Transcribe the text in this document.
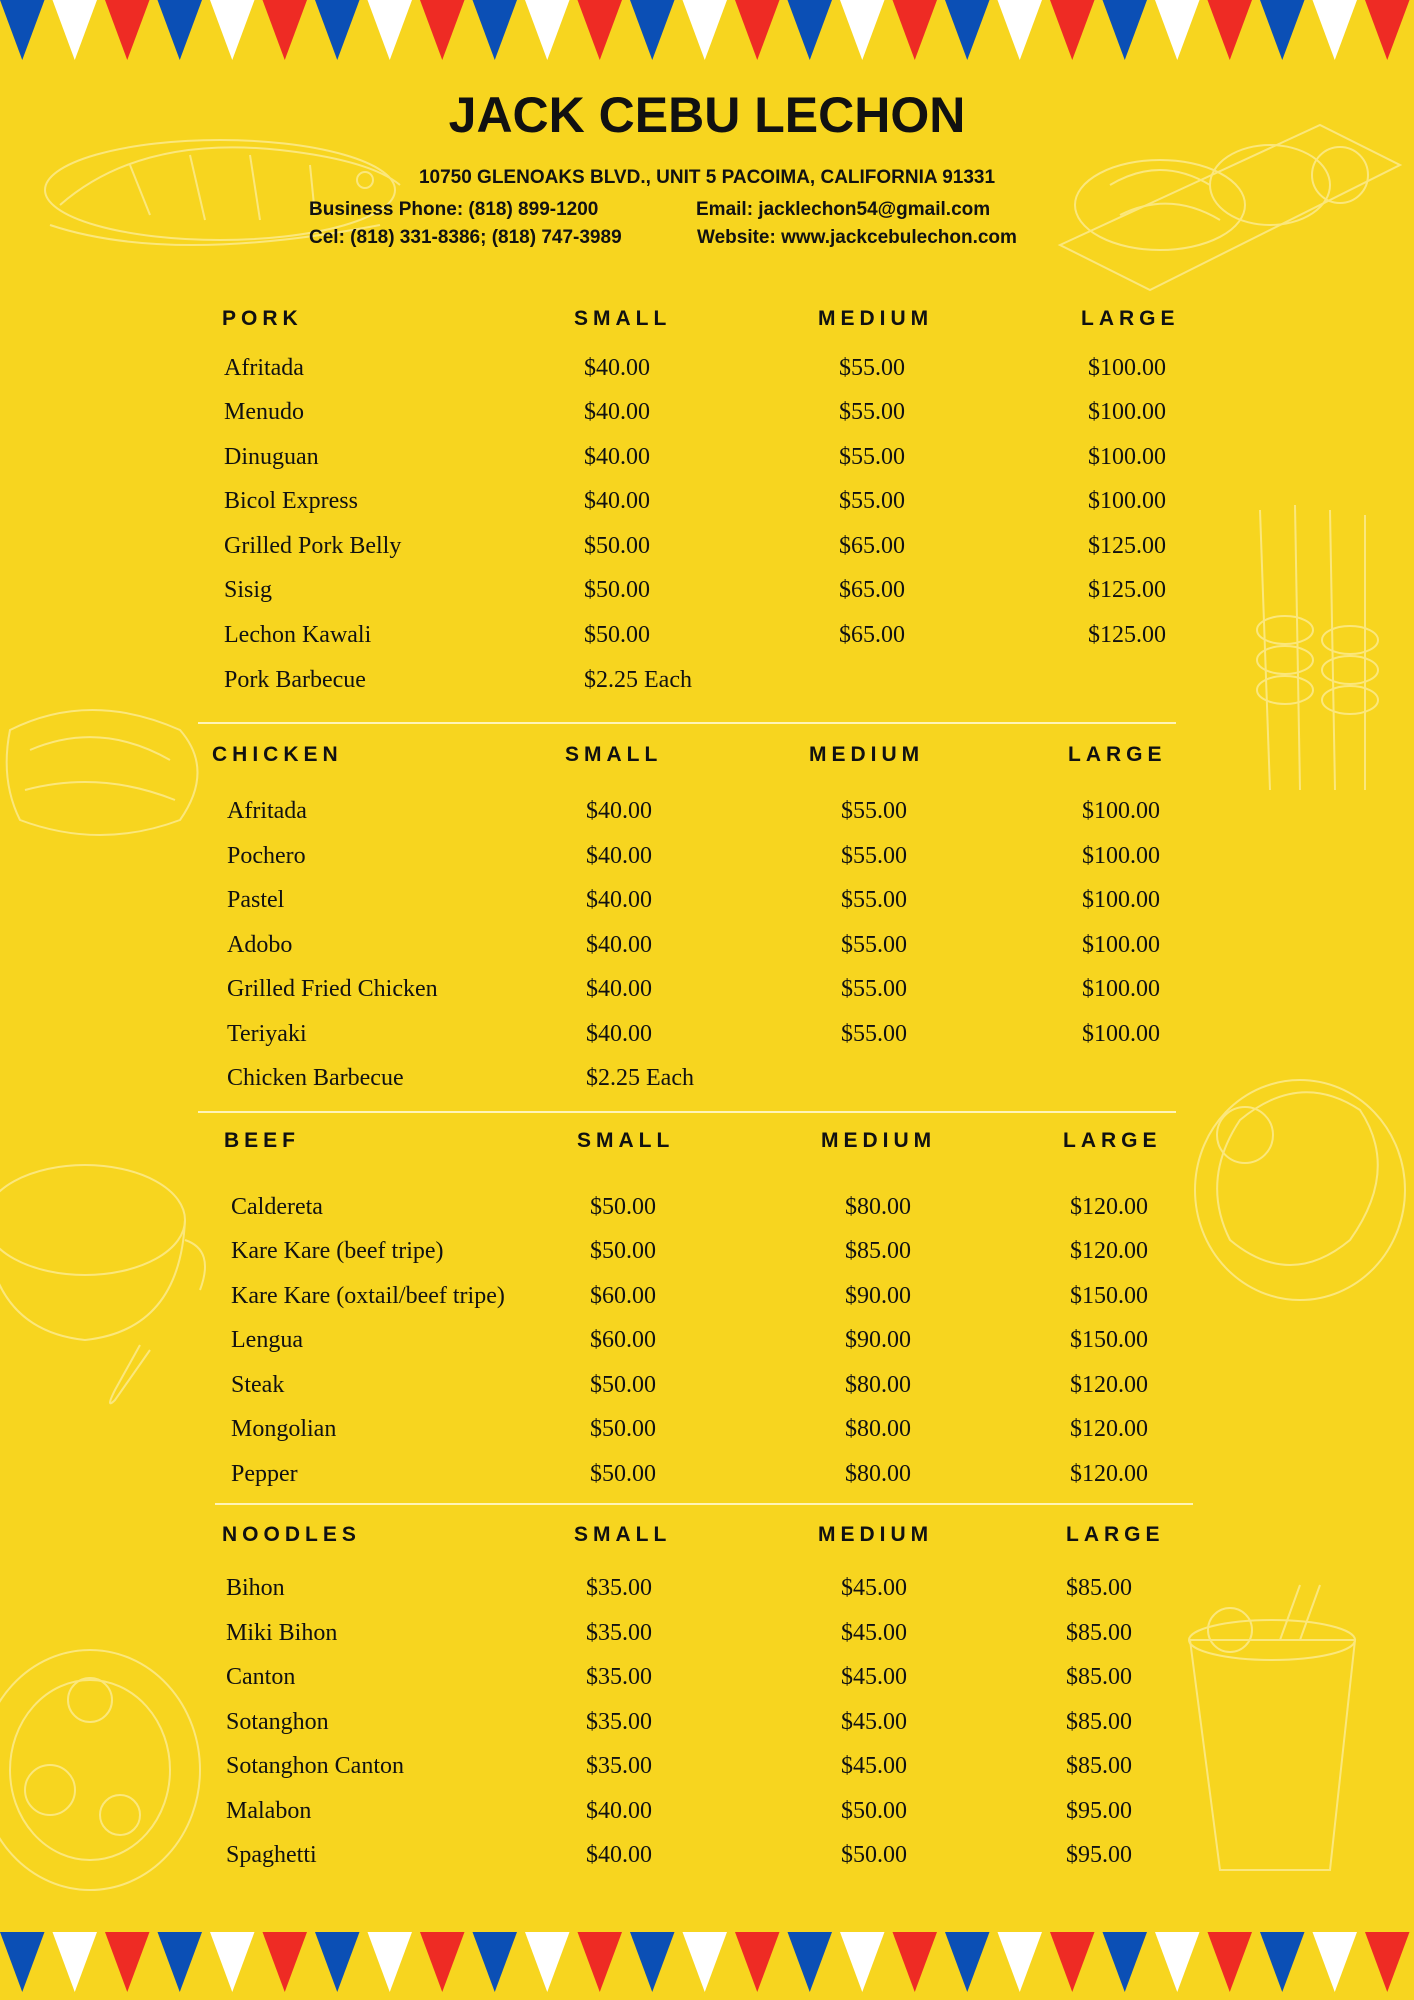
JACK CEBU LECHON
10750 GLENOAKS BLVD., UNIT 5 PACOIMA, CALIFORNIA 91331
Business Phone: (818) 899-1200	Email: jacklechon54@gmail.com
Cel: (818) 331-8386; (818) 747-3989	Website: www.jackcebulechon.com
PORK	SMALL	MEDIUM	LARGE
Afritada	$40.00	$55.00	$100.00
Menudo	$40.00	$55.00	$100.00
Dinuguan	$40.00	$55.00	$100.00
Bicol Express	$40.00	$55.00	$100.00
Grilled Pork Belly	$50.00	$65.00	$125.00
Sisig	$50.00	$65.00	$125.00
Lechon Kawali	$50.00	$65.00	$125.00
Pork Barbecue	$2.25 Each
CHICKEN	SMALL	MEDIUM	LARGE
Afritada	$40.00	$55.00	$100.00
Pochero	$40.00	$55.00	$100.00
Pastel	$40.00	$55.00	$100.00
Adobo	$40.00	$55.00	$100.00
Grilled Fried Chicken	$40.00	$55.00	$100.00
Teriyaki	$40.00	$55.00	$100.00
Chicken Barbecue	$2.25 Each
BEEF	SMALL	MEDIUM	LARGE
Caldereta	$50.00	$80.00	$120.00
Kare Kare (beef tripe)	$50.00	$85.00	$120.00
Kare Kare (oxtail/beef tripe)	$60.00	$90.00	$150.00
Lengua	$60.00	$90.00	$150.00
Steak	$50.00	$80.00	$120.00
Mongolian	$50.00	$80.00	$120.00
Pepper	$50.00	$80.00	$120.00
NOODLES	SMALL	MEDIUM	LARGE
Bihon	$35.00	$45.00	$85.00
Miki Bihon	$35.00	$45.00	$85.00
Canton	$35.00	$45.00	$85.00
Sotanghon	$35.00	$45.00	$85.00
Sotanghon Canton	$35.00	$45.00	$85.00
Malabon	$40.00	$50.00	$95.00
Spaghetti	$40.00	$50.00	$95.00
